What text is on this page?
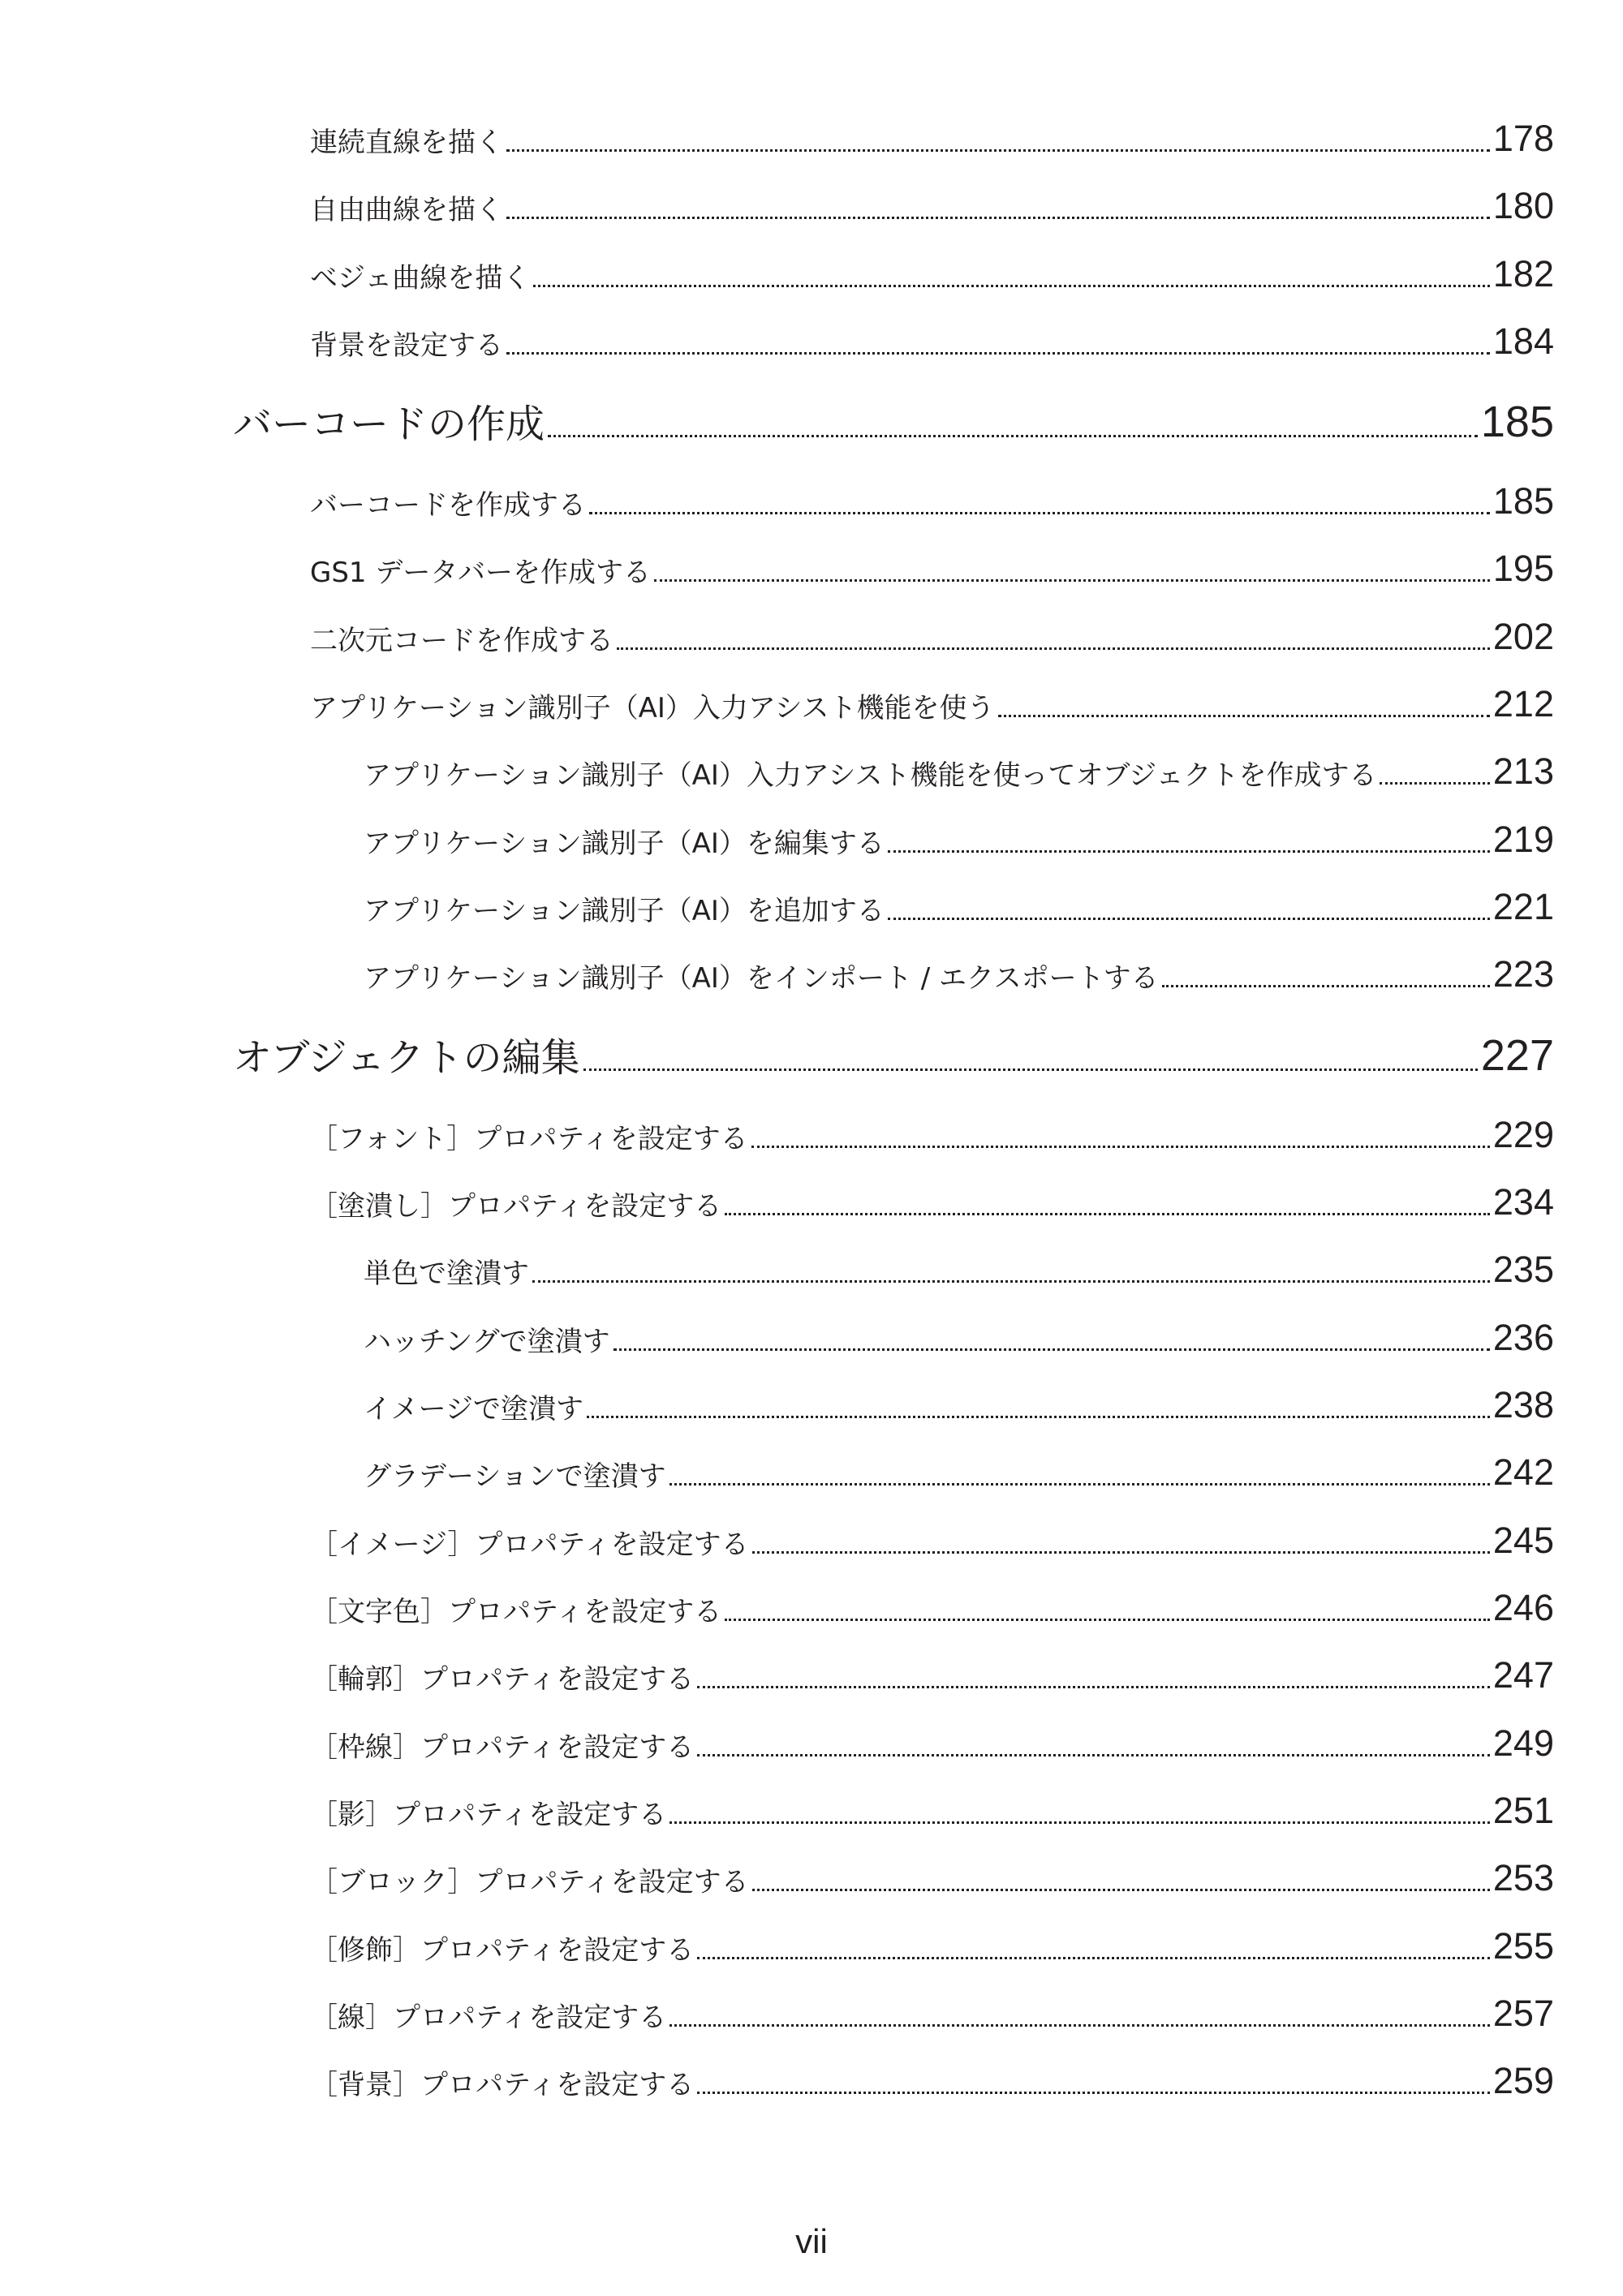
連続直線を描く	178
自由曲線を描く	180
ベジェ曲線を描く	182
背景を設定する	184
バーコードの作成	185
バーコードを作成する	185
GS1 データバーを作成する	195
二次元コードを作成する	202
アプリケーション識別子（AI）入力アシスト機能を使う	212
アプリケーション識別子（AI）入力アシスト機能を使ってオブジェクトを作成する	213
アプリケーション識別子（AI）を編集する	219
アプリケーション識別子（AI）を追加する	221
アプリケーション識別子（AI）をインポート / エクスポートする	223
オブジェクトの編集	227
［フォント］プロパティを設定する	229
［塗潰し］プロパティを設定する	234
単色で塗潰す	235
ハッチングで塗潰す	236
イメージで塗潰す	238
グラデーションで塗潰す	242
［イメージ］プロパティを設定する	245
［文字色］プロパティを設定する	246
［輪郭］プロパティを設定する	247
［枠線］プロパティを設定する	249
［影］プロパティを設定する	251
［ブロック］プロパティを設定する	253
［修飾］プロパティを設定する	255
［線］プロパティを設定する	257
［背景］プロパティを設定する	259
vii
